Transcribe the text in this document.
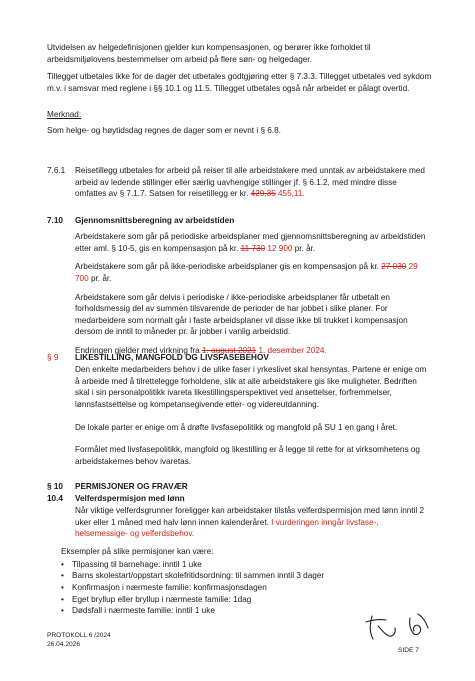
Utvidelsen av helgedefinisjonen gjelder kun kompensasjonen, og berører ikke forholdet til arbeidsmiljølovens bestemmelser om arbeid på flere søn- og helgedager.

Tillegget utbetales ikke for de dager det utbetales godtgjøring etter § 7.3.3. Tillegget utbetales ved sykdom m.v. i samsvar med reglene i §§ 10.1 og 11.5. Tillegget utbetales også når arbeidet er pålagt overtid.

Merknad:

Som helge- og høytidsdag regnes de dager som er nevnt i § 6.8.

7.6.1 Reisetillegg utbetales for arbeid på reiser til alle arbeidstakere med unntak av arbeidstakere med arbeid av ledende stillinger eller særlig uavhengige stillinger jf. § 6.1.2, med mindre disse omfattes av § 7.1.7. Satsen for reisetillegg er kr. 429,35 455,11.

7.10 Gjennomsnittsberegning av arbeidstiden

Arbeidstakere som går på periodiske arbeidsplaner med gjennomsnittsberegning av arbeidstiden etter aml. § 10-5, gis en kompensasjon på kr. 11 730 12 900 pr. år.

Arbeidstakere som går på ikke-periodiske arbeidsplaner gis en kompensasjon på kr. 27 030 29 700 pr. år.

Arbeidstakere som går delvis i periodiske / ikke-periodiske arbeidsplaner får utbetalt en forholdsmessig del av summen tilsvarende de perioder de har jobbet i slike planer. For medarbeidere som normalt går i faste arbeidsplaner vil disse ikke bli trukket i kompensasjon dersom de inntil to måneder pr. år jobber i vanlig arbeidstid.

Endringen gjelder med virkning fra 1. august 2021 1. desember 2024.

§ 9 LIKESTILLING, MANGFOLD OG LIVSFASEBEHOV

Den enkelte medarbeiders behov i de ulike faser i yrkeslivet skal hensyntas. Partene er enige om å arbeide med å tilrettelegge forholdene, slik at alle arbeidstakere gis like muligheter. Bedriften skal i sin personalpolitikk ivareta likestillingsperspektivet ved ansettelser, forfremmelser, lønnsfastsettelse og kompetansegivende etter- og videreutdanning.

De lokale parter er enige om å drøfte livsfasepolitikk og mangfold på SU 1 en gang i året.

Formålet med livsfasepolitikk, mangfold og likestilling er å legge til rette for at virksomhetens og arbeidstakernes behov ivaretas.

§ 10 PERMISJONER OG FRAVÆR

10.4 Velferdspermisjon med lønn

Når viktige velferdsgrunner foreligger kan arbeidstaker tilstås velferdspermisjon med lønn inntil 2 uker eller 1 måned med halv lønn innen kalenderåret. I vurderingen inngår livsfase-, helsemessige- og velferdsbehov.

Eksempler på slike permisjoner kan være:

• Tilpassing til barnehage: inntil 1 uke
• Barns skolestart/oppstart skolefritidsordning: til sammen inntil 3 dager
• Konfirmasjon i nærmeste familie: konfirmasjonsdagen
• Eget bryllup eller bryllup i nærmeste familie: 1dag
• Dødsfall i nærmeste familie: inntil 1 uke
PROTOKOLL 6 /2024
26.04.2026
SIDE 7
